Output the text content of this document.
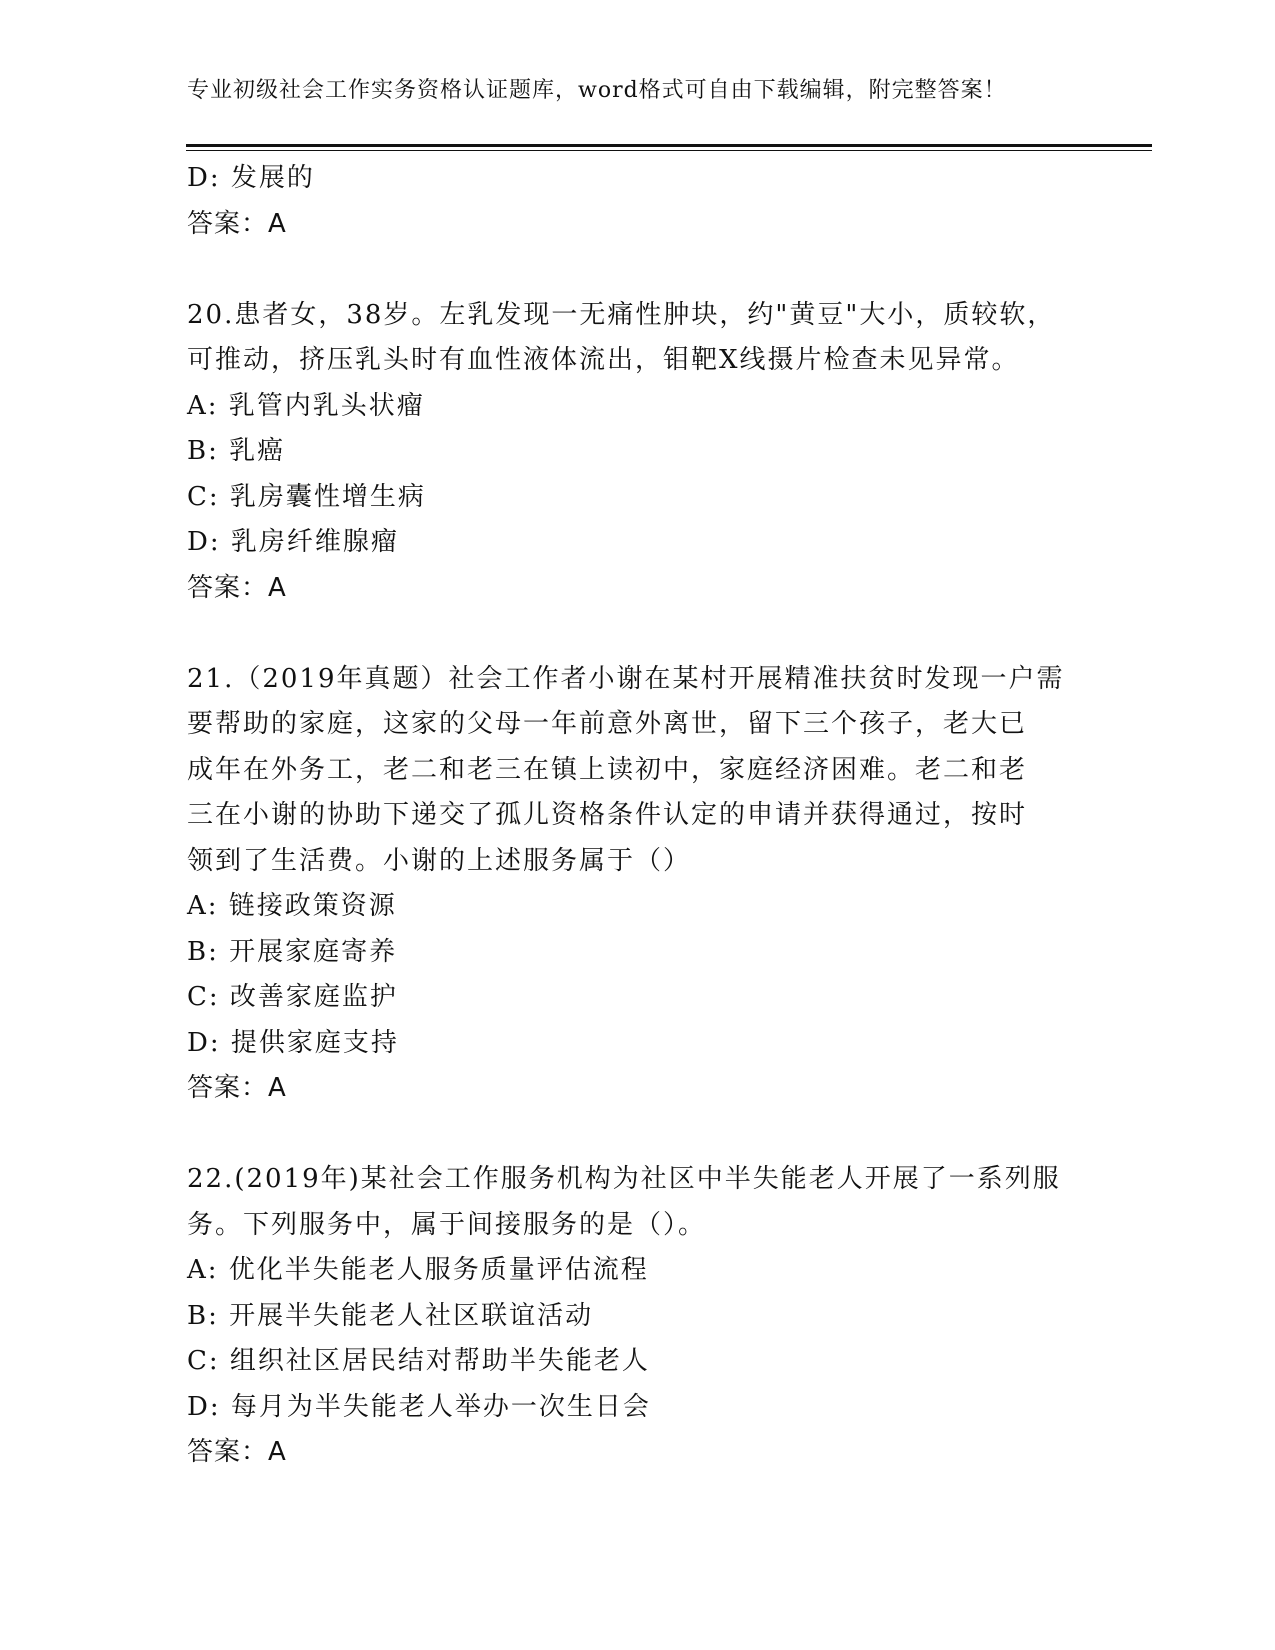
专业初级社会工作实务资格认证题库，word格式可自由下载编辑，附完整答案！
D: 发展的
答案：A
20.患者女，38岁。左乳发现一无痛性肿块，约"黄豆"大小，质较软，
可推动，挤压乳头时有血性液体流出，钼靶X线摄片检查未见异常。
A: 乳管内乳头状瘤
B: 乳癌
C: 乳房囊性增生病
D: 乳房纤维腺瘤
答案：A
21.（2019年真题）社会工作者小谢在某村开展精准扶贫时发现一户需
要帮助的家庭，这家的父母一年前意外离世，留下三个孩子，老大已
成年在外务工，老二和老三在镇上读初中，家庭经济困难。老二和老
三在小谢的协助下递交了孤儿资格条件认定的申请并获得通过，按时
领到了生活费。小谢的上述服务属于（）
A: 链接政策资源
B: 开展家庭寄养
C: 改善家庭监护
D: 提供家庭支持
答案：A
22.(2019年)某社会工作服务机构为社区中半失能老人开展了一系列服
务。下列服务中，属于间接服务的是（）。
A: 优化半失能老人服务质量评估流程
B: 开展半失能老人社区联谊活动
C: 组织社区居民结对帮助半失能老人
D: 每月为半失能老人举办一次生日会
答案：A
